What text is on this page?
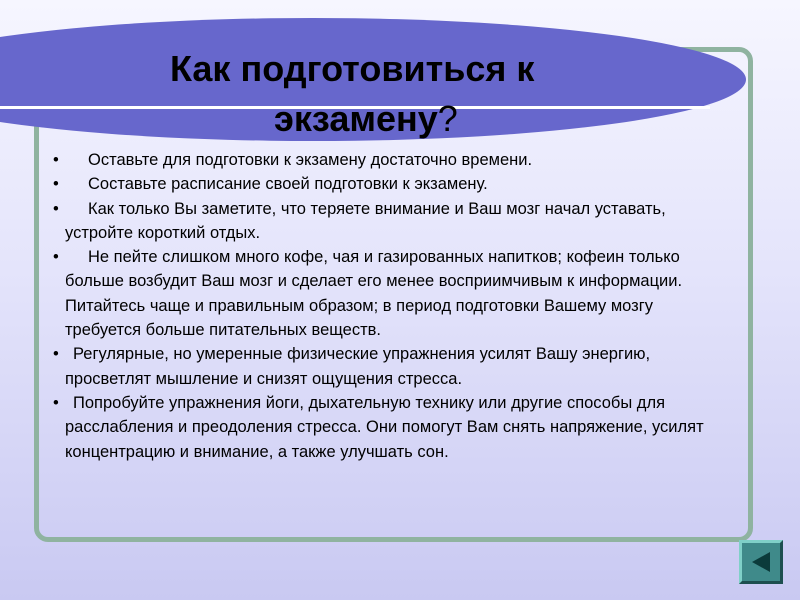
Как подготовиться к
экзамену?
•	Оставьте для подготовки к экзамену достаточно времени.
•	Составьте расписание своей подготовки к экзамену.
•	Как только Вы заметите, что теряете внимание и Ваш мозг начал уставать, устройте короткий отдых.
•	Не пейте слишком много кофе, чая и газированных напитков; кофеин только больше возбудит Ваш мозг и сделает его менее восприимчивым к информации. Питайтесь чаще и правильным образом; в период подготовки Вашему мозгу требуется больше питательных веществ.
• Регулярные, но умеренные физические упражнения усилят Вашу энергию, просветлят мышление и снизят ощущения стресса.
• Попробуйте упражнения йоги, дыхательную технику или другие способы для расслабления и преодоления стресса. Они помогут Вам снять напряжение, усилят концентрацию и внимание, а также улучшать сон.
